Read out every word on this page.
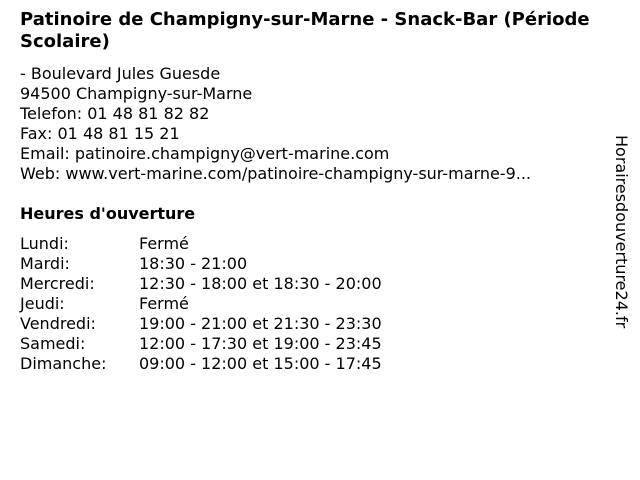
Patinoire de Champigny-sur-Marne - Snack-Bar (Période Scolaire)
- Boulevard Jules Guesde
94500 Champigny-sur-Marne
Telefon: 01 48 81 82 82
Fax: 01 48 81 15 21
Email: patinoire.champigny@vert-marine.com
Web:
www.vert-marine.com/patinoire-champigny-sur-marne-9...
Heures d'ouverture
Lundi:	Fermé
Mardi:	18:30 - 21:00
Mercredi:	12:30 - 18:00 et 18:30 - 20:00
Jeudi:	Fermé
Vendredi:	19:00 - 21:00 et 21:30 - 23:30
Samedi:	12:00 - 17:30 et 19:00 - 23:45
Dimanche:	09:00 - 12:00 et 15:00 - 17:45
Horairesdouverture24.fr
